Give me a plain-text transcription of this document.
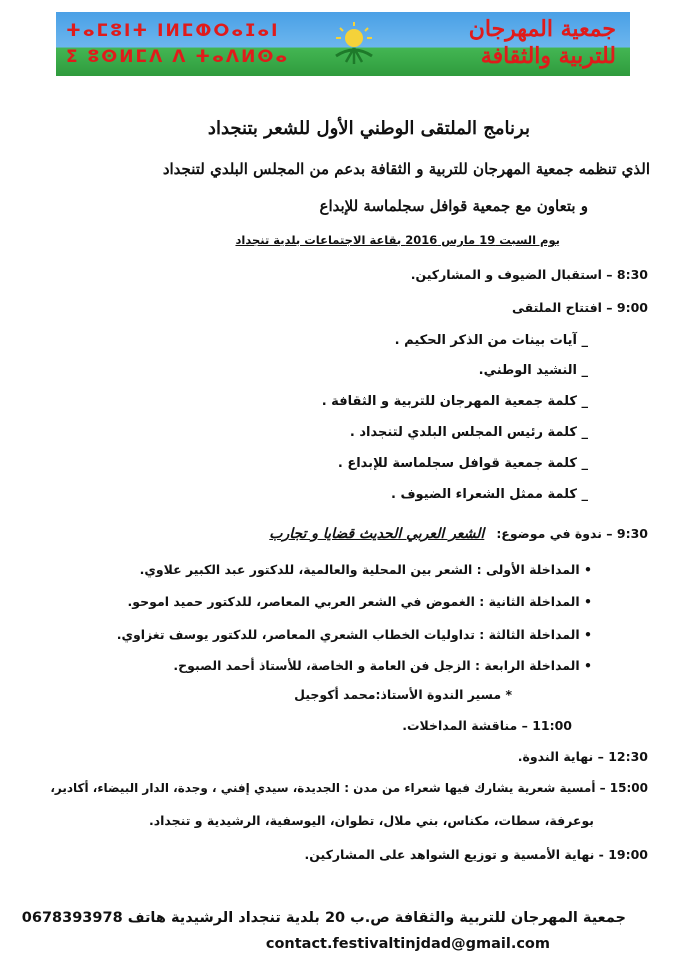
ⵜⴰⵎⵓⵏⵜ ⵏⵍⵎⵀⵔⴰⵊⴰⵏ
ⵉ ⵓⵙⵍⵎⴷ ⴷ ⵜⴰⴷⵍⵙⴰ
جمعية المهرجان
للتربية والثقافة
برنامج الملتقى الوطني الأول للشعر بتنجداد
الذي تنظمه جمعية المهرجان للتربية و الثقافة بدعم من المجلس البلدي لتنجداد
و بتعاون مع جمعية قوافل سجلماسة للإبداع
يوم السبت 19 مارس 2016 بقاعة الاجتماعات بلدية تنجداد
8:30 – استقبال الضيوف و المشاركين.
9:00 – افتتاح الملتقى
_ آيات بينات من الذكر الحكيم .
_ النشيد الوطني.
_ كلمة جمعية المهرجان للتربية و الثقافة .
_ كلمة رئيس المجلس البلدي لتنجداد .
_ كلمة جمعية قوافل سجلماسة للإبداع .
_ كلمة ممثل الشعراء الضيوف .
9:30 – ندوة في موضوع:الشعر العربي الحديث قضايا و تجارب
• المداخلة الأولى : الشعر بين المحلية والعالمية، للدكتور عبد الكبير علاوي.
• المداخلة الثانية : الغموض في الشعر العربي المعاصر، للدكتور حميد اموحو.
• المداخلة الثالثة : تداوليات الخطاب الشعري المعاصر، للدكتور يوسف تغزاوي.
• المداخلة الرابعة : الزجل فن العامة و الخاصة، للأستاذ أحمد الصبوح.
* مسير الندوة الأستاذ:محمد أكوجيل
11:00 – مناقشة المداخلات.
12:30 – نهاية الندوة.
15:00 – أمسية شعرية يشارك فيها شعراء من مدن : الجديدة، سيدي إفني ، وجدة، الدار البيضاء، أكادير،
بوعرفة، سطات، مكناس، بني ملال، تطوان، اليوسفية، الرشيدية و تنجداد.
19:00 - نهاية الأمسية و توزيع الشواهد على المشاركين.
جمعية المهرجان للتربية والثقافة ص.ب 20 بلدية تنجداد الرشيدية هاتف 0678393978
contact.festivaltinjdad@gmail.com
